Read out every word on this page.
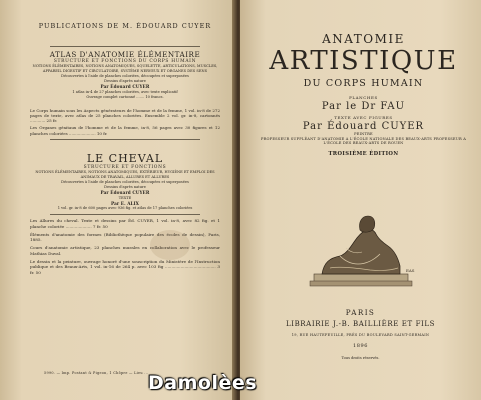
PUBLICATIONS DE M. ÉDOUARD CUYER
ATLAS D'ANATOMIE ÉLÉMENTAIRE
STRUCTURE ET FONCTIONS DU CORPS HUMAIN
NOTIONS ÉLÉMENTAIRES, NOTIONS ANATOMIQUES, SQUELETTE, ARTICULATIONS, MUSCLES, APPAREIL DIGESTIF ET CIRCULATOIRE, SYSTÈME NERVEUX ET ORGANES DES SENS
Découvertes à l'aide de planches coloriées, découpées et superposées
Dessins d'après nature
Par Édouard CUYER
1 atlas in-4 de 27 planches coloriées, avec texte explicatif
Ouvrage complet cartonné ....... 10 francs.
Le Corps humain sous les Aspects générateurs de l'homme et de la femme, 1 vol. in-8 de 272 pages de texte, avec atlas de 25 planches coloriées. Ensemble 2 vol. gr. in-8, cartonnés ............ 25 fr.
Les Organes génitaux de l'homme et de la femme, in-8, 56 pages avec 30 figures et 12 planches coloriées ..................... 10 fr.
LE CHEVAL
STRUCTURE ET FONCTIONS
NOTIONS ÉLÉMENTAIRES, NOTIONS ANATOMIQUES, EXTÉRIEUR, HYGIÈNE ET EMPLOI DES ANIMAUX DE TRAVAIL, ALLURES ET ALLURES
Découvertes à l'aide de planches coloriées, découpées et superposées
Dessins d'après nature
Par Édouard CUYER
TEXTE
Par E. ALIX
1 vol. gr. in-8 de 600 pages avec 936 fig. et atlas de 17 planches coloriées
Les Allures du cheval. Texte et dessins par Éd. CUYER, 1 vol. in-8, avec 82 fig. et 1 planche coloriée .................... 7 fr. 50
Éléments d'anatomie des formes (Bibliothèque populaire des écoles de dessin), Paris, 1885.
Cours d'anatomie artistique, 23 planches murales en collaboration avec le professeur Mathias Duval.
Le dessin et la peinture, ouvrage honoré d'une souscription du Ministère de l'Instruction publique et des Beaux-Arts, 1 vol. in-16 de 264 p. avec 103 fig ....................................... 3 fr. 50
5990. — Imp. Postant & Pigeon, 1 Chôpre — Lieu ...
ANATOMIE
ARTISTIQUE
DU CORPS HUMAIN
PLANCHES
Par le Dr FAU
TEXTE AVEC FIGURES
Par Édouard CUYER
PEINTRE
PROFESSEUR SUPPLÉANT D'ANATOMIE A L'ÉCOLE NATIONALE DES BEAUX-ARTS PROFESSEUR A L'ÉCOLE DES BEAUX-ARTS DE ROUEN
TROISIÈME ÉDITION
EAS
PARIS
LIBRAIRIE J.-B. BAILLIÈRE ET FILS
19, RUE HAUTEFEUILLE, PRÈS DU BOULEVARD SAINT-GERMAIN
1896
Tous droits réservés.
Damolèes
